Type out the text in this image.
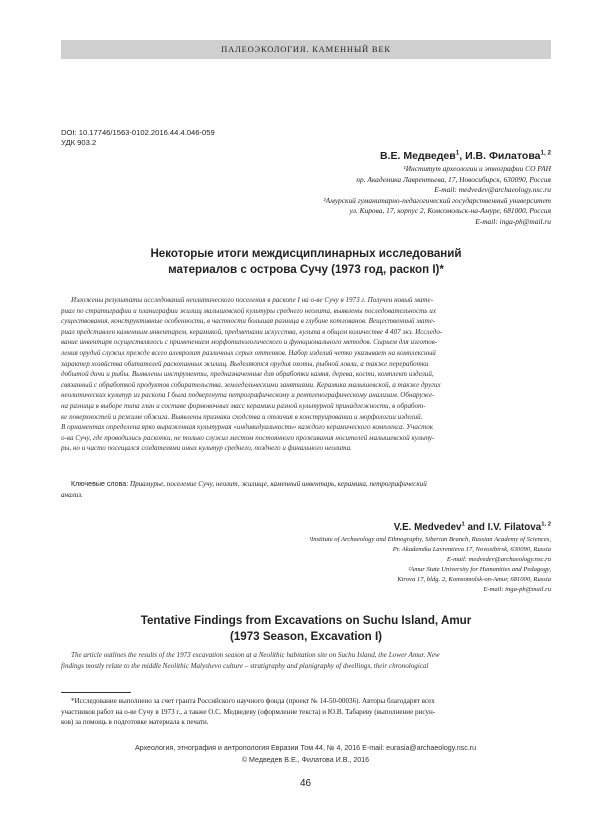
ПАЛЕОЭКОЛОГИЯ. КАМЕННЫЙ ВЕК
DOI: 10.17746/1563-0102.2016.44.4.046-059
УДК 903.2
В.Е. Медведев$^1$, И.В. Филатова$^{1, 2}$
¹Институт археологии и этнографии СО РАН
пр. Академика Лаврентьева, 17, Новосибирск, 630090, Россия
E-mail: medvedev@archaeology.nsc.ru
²Амурский гуманитарно-педагогический государственный университет
ул. Кирова, 17, корпус 2, Комсомольск-на-Амуре, 681000, Россия
E-mail: inga-ph@mail.ru
Некоторые итоги междисциплинарных исследований
материалов с острова Сучу (1973 год, раскоп I)*
Изложены результаты исследований неолитического поселения в раскопе I на о-ве Сучу в 1973 г. Получен новый мате-
риал по стратиграфии и планиграфии жилищ малышевской культуры среднего неолита, выявлены последовательность их
существования, конструктивные особенности, в частности большая разница в глубине котлованов. Вещественный мате-
риал представлен каменным инвентарем, керамикой, предметами искусства, культа в общем количестве 4 407 экз. Исследо-
вание инвентаря осуществлялось с применением морфотипологического и функционального методов. Сырьем для изготов-
ления орудий служил прежде всего алевролит различных серых оттенков. Набор изделий четко указывает на комплексный
характер хозяйства обитателей раскопанных жилищ. Выделяются орудия охоты, рыбной ловли, а также переработки
добытой дичи и рыбы. Выявлены инструменты, предназначенные для обработки камня, дерева, кости, комплект изделий,
связанный с обработкой продуктов собирательства, земледельческими занятиями. Керамика малышевской, а также других
неолитических культур из раскопа I была подвергнута петрографическому и рентгенографическому анализам. Обнаруже-
на разница в выборе типа глин и составе формовочных масс керамики разной культурной принадлежности, в обработ-
ке поверхностей и режиме обжига. Выявлены признаки сходства и отличия в конструировании и морфологии изделий.
В орнаментах определена ярко выраженная культурная «индивидуальность» каждого керамического комплекса. Участок
о-ва Сучу, где проводились раскопки, не только служил местом постоянного проживания носителей малышевской культу-
ры, но и часто посещался создателями иных культур среднего, позднего и финального неолита.
Ключевые слова: Приамурье, поселение Сучу, неолит, жилище, каменный инвентарь, керамика, петрографический
анализ.
V.E. Medvedev$^1$ and I.V. Filatova$^{1, 2}$
¹Institute of Archaeology and Ethnography, Siberian Branch, Russian Academy of Sciences,
Pr. Akademika Lavrentieva 17, Novosibirsk, 630090, Russia
E-mail: medvedev@archaeology.nsc.ru
²Amur State University for Humanities and Pedagogy,
Kirova 17, bldg. 2, Komsomolsk-on-Amur, 681000, Russia
E-mail: inga-ph@mail.ru
Tentative Findings from Excavations on Suchu Island, Amur
(1973 Season, Excavation I)
The article outlines the results of the 1973 excavation season at a Neolithic habitation site on Suchu Island, the Lower Amur. New
findings mostly relate to the middle Neolithic Malyshevo culture – stratigraphy and planigraphy of dwellings, their chronological
*Исследование выполнено за счет гранта Российского научного фонда (проект № 14-50-00036). Авторы благодарят всех
участников работ на о-ве Сучу в 1973 г., а также О.С. Медведеву (оформление текста) и Ю.В. Табареву (выполнение рисун-
ков) за помощь в подготовке материала к печати.
Археология, этнография и антропология Евразии Том 44, № 4, 2016 E-mail: eurasia@archaeology.nsc.ru
© Медведев В.Е., Филатова И.В., 2016
46
